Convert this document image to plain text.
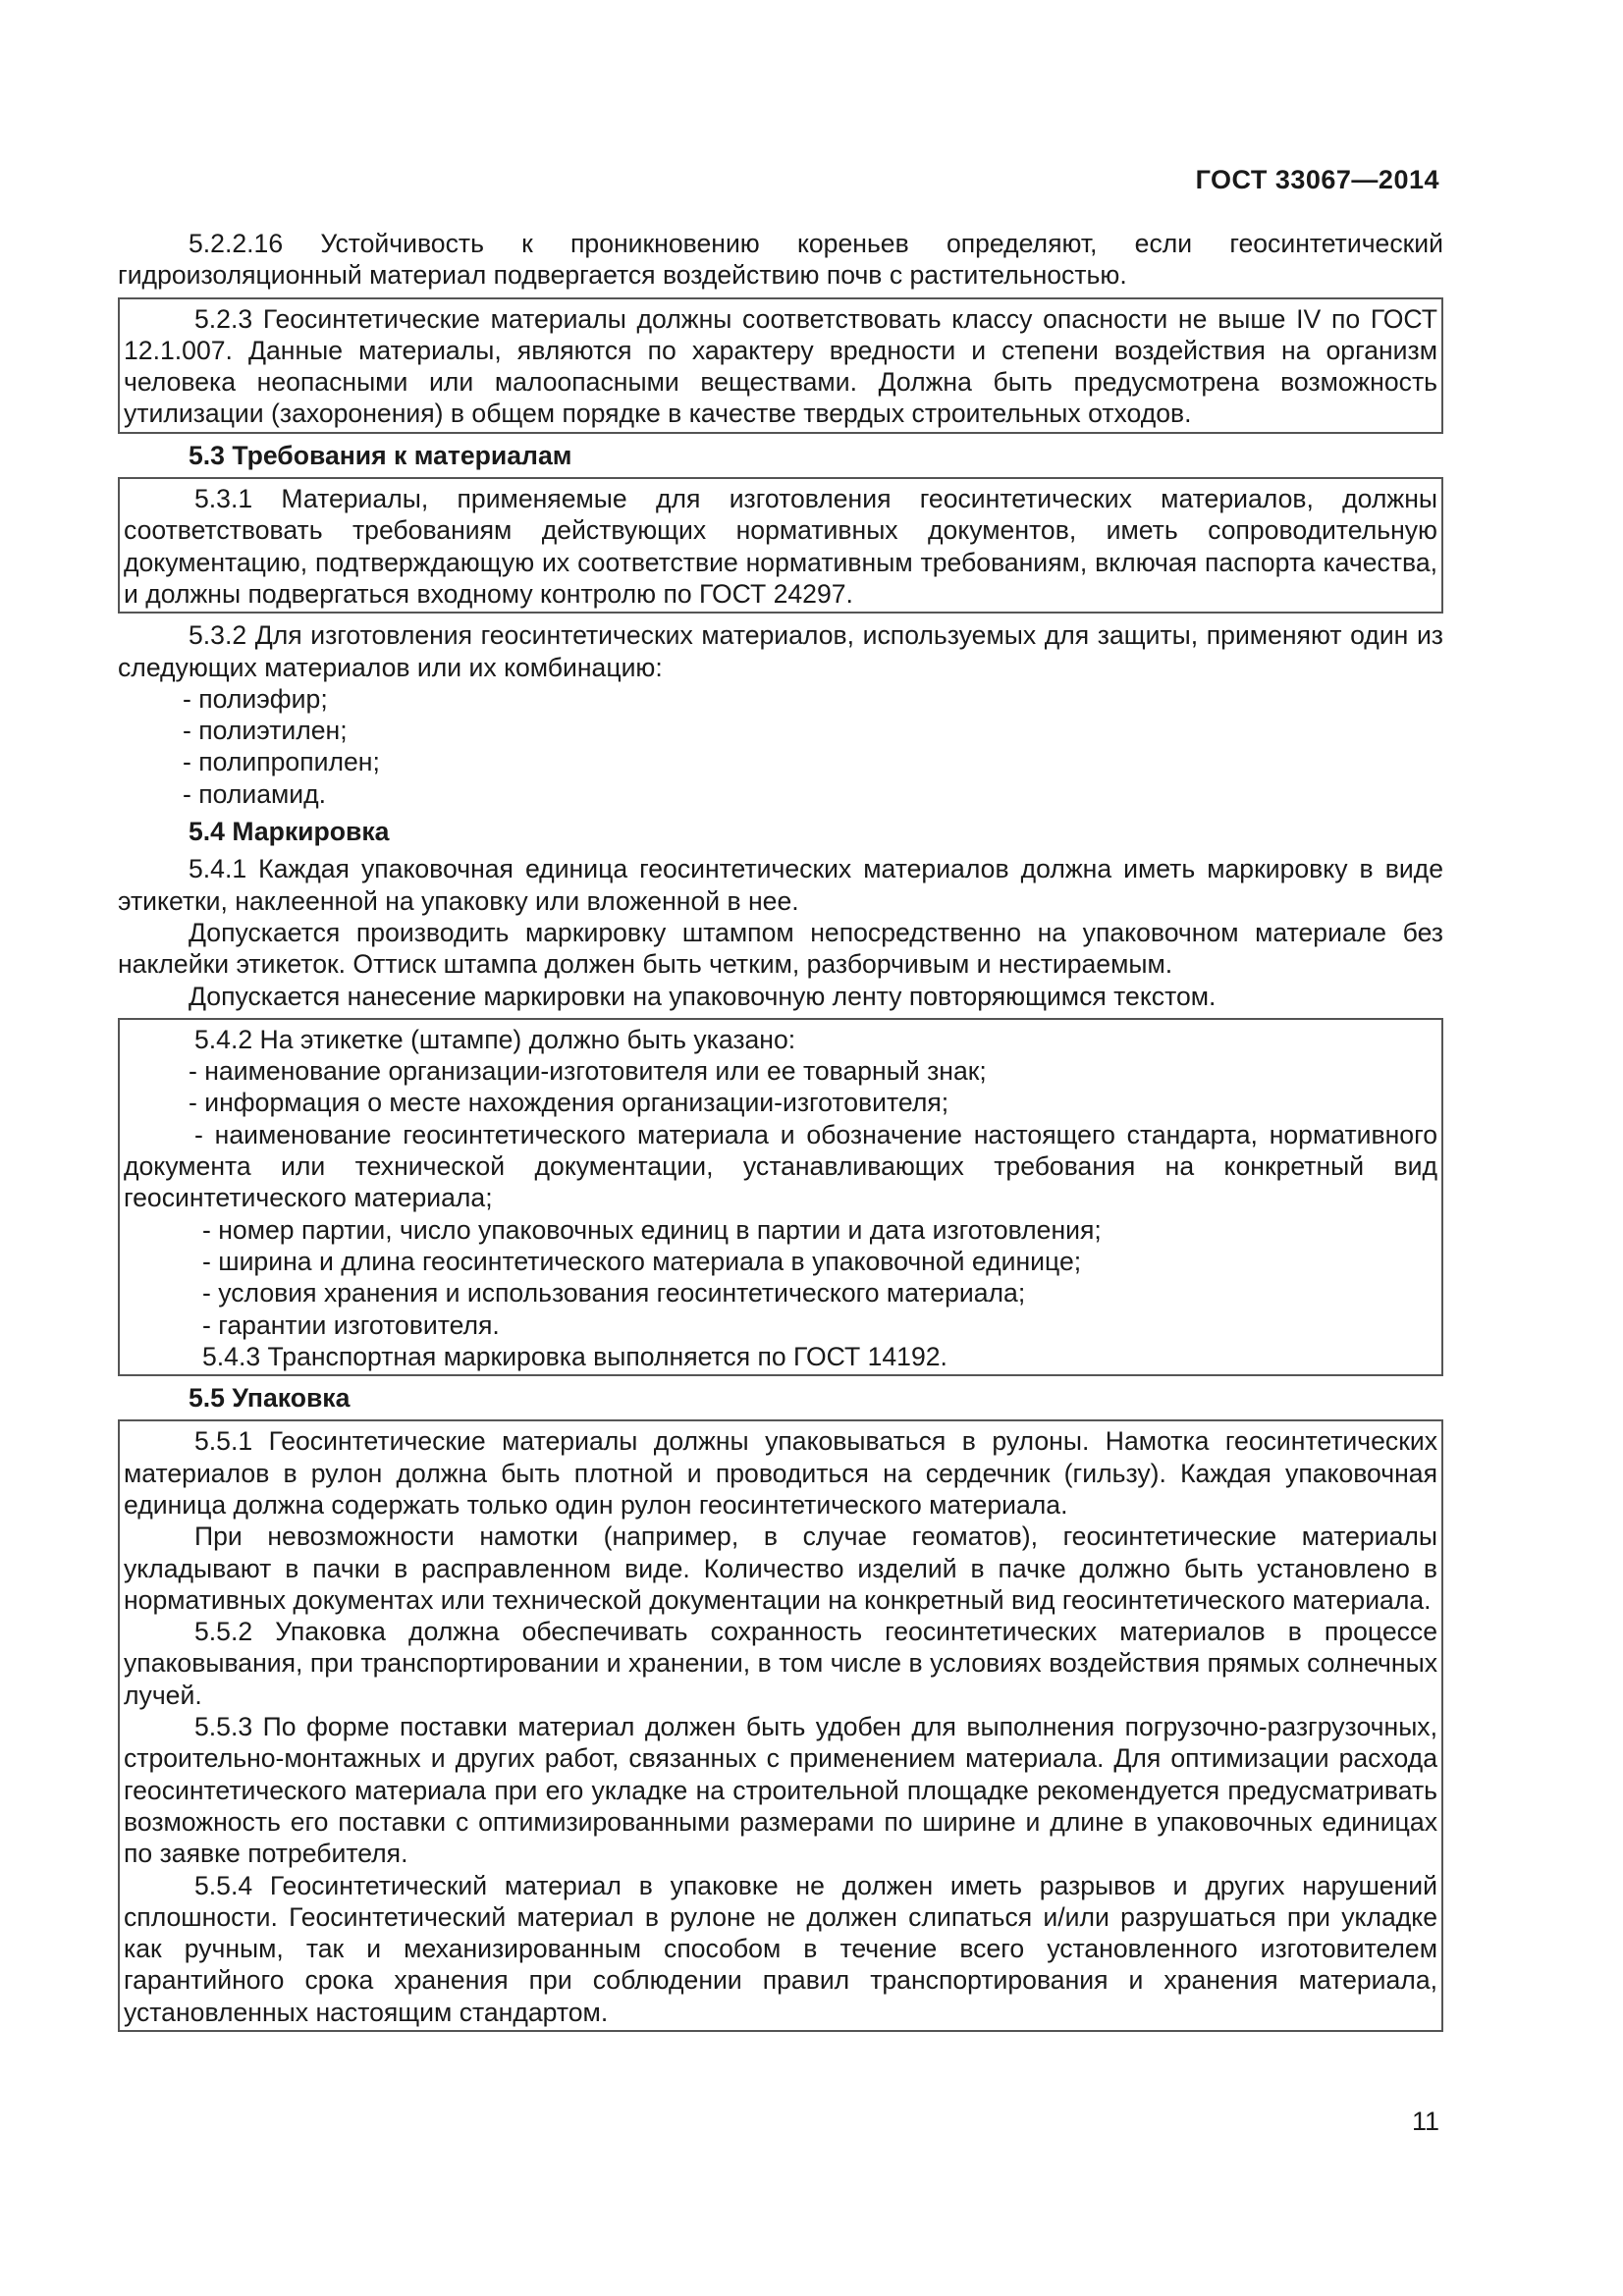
ГОСТ 33067—2014

5.2.2.16 Устойчивость к проникновению кореньев определяют, если геосинтетический гидроизоляционный материал подвергается воздействию почв с растительностью.

5.2.3 Геосинтетические материалы должны соответствовать классу опасности не выше IV по ГОСТ 12.1.007. Данные материалы, являются по характеру вредности и степени воздействия на организм человека неопасными или малоопасными веществами. Должна быть предусмотрена возможность утилизации (захоронения) в общем порядке в качестве твердых строительных отходов.

5.3 Требования к материалам

5.3.1 Материалы, применяемые для изготовления геосинтетических материалов, должны соответствовать требованиям действующих нормативных документов, иметь сопроводительную документацию, подтверждающую их соответствие нормативным требованиям, включая паспорта качества, и должны подвергаться входному контролю по ГОСТ 24297.

5.3.2 Для изготовления геосинтетических материалов, используемых для защиты, применяют один из следующих материалов или их комбинацию:

- полиэфир;

- полиэтилен;

- полипропилен;

- полиамид.

5.4 Маркировка

5.4.1 Каждая упаковочная единица геосинтетических материалов должна иметь маркировку в виде этикетки, наклеенной на упаковку или вложенной в нее.

Допускается производить маркировку штампом непосредственно на упаковочном материале без наклейки этикеток. Оттиск штампа должен быть четким, разборчивым и нестираемым.

Допускается нанесение маркировки на упаковочную ленту повторяющимся текстом.

5.4.2 На этикетке (штампе) должно быть указано:

- наименование организации-изготовителя или ее товарный знак;

- информация о месте нахождения организации-изготовителя;

- наименование геосинтетического материала и обозначение настоящего стандарта, нормативного документа или технической документации, устанавливающих требования на конкретный вид геосинтетического материала;

- номер партии, число упаковочных единиц в партии и дата изготовления;

- ширина и длина геосинтетического материала в упаковочной единице;

- условия хранения и использования геосинтетического материала;

- гарантии изготовителя.

5.4.3 Транспортная маркировка выполняется по ГОСТ 14192.

5.5 Упаковка

5.5.1 Геосинтетические материалы должны упаковываться в рулоны. Намотка геосинтетических материалов в рулон должна быть плотной и проводиться на сердечник (гильзу). Каждая упаковочная единица должна содержать только один рулон геосинтетического материала.

При невозможности намотки (например, в случае геоматов), геосинтетические материалы укладывают в пачки в расправленном виде. Количество изделий в пачке должно быть установлено в нормативных документах или технической документации на конкретный вид геосинтетического материала.

5.5.2 Упаковка должна обеспечивать сохранность геосинтетических материалов в процессе упаковывания, при транспортировании и хранении, в том числе в условиях воздействия прямых солнечных лучей.

5.5.3 По форме поставки материал должен быть удобен для выполнения погрузочно-разгрузочных, строительно-монтажных и других работ, связанных с применением материала. Для оптимизации расхода геосинтетического материала при его укладке на строительной площадке рекомендуется предусматривать возможность его поставки с оптимизированными размерами по ширине и длине в упаковочных единицах по заявке потребителя.

5.5.4 Геосинтетический материал в упаковке не должен иметь разрывов и других нарушений сплошности. Геосинтетический материал в рулоне не должен слипаться и/или разрушаться при укладке как ручным, так и механизированным способом в течение всего установленного изготовителем гарантийного срока хранения при соблюдении правил транспортирования и хранения материала, установленных настоящим стандартом.

11
